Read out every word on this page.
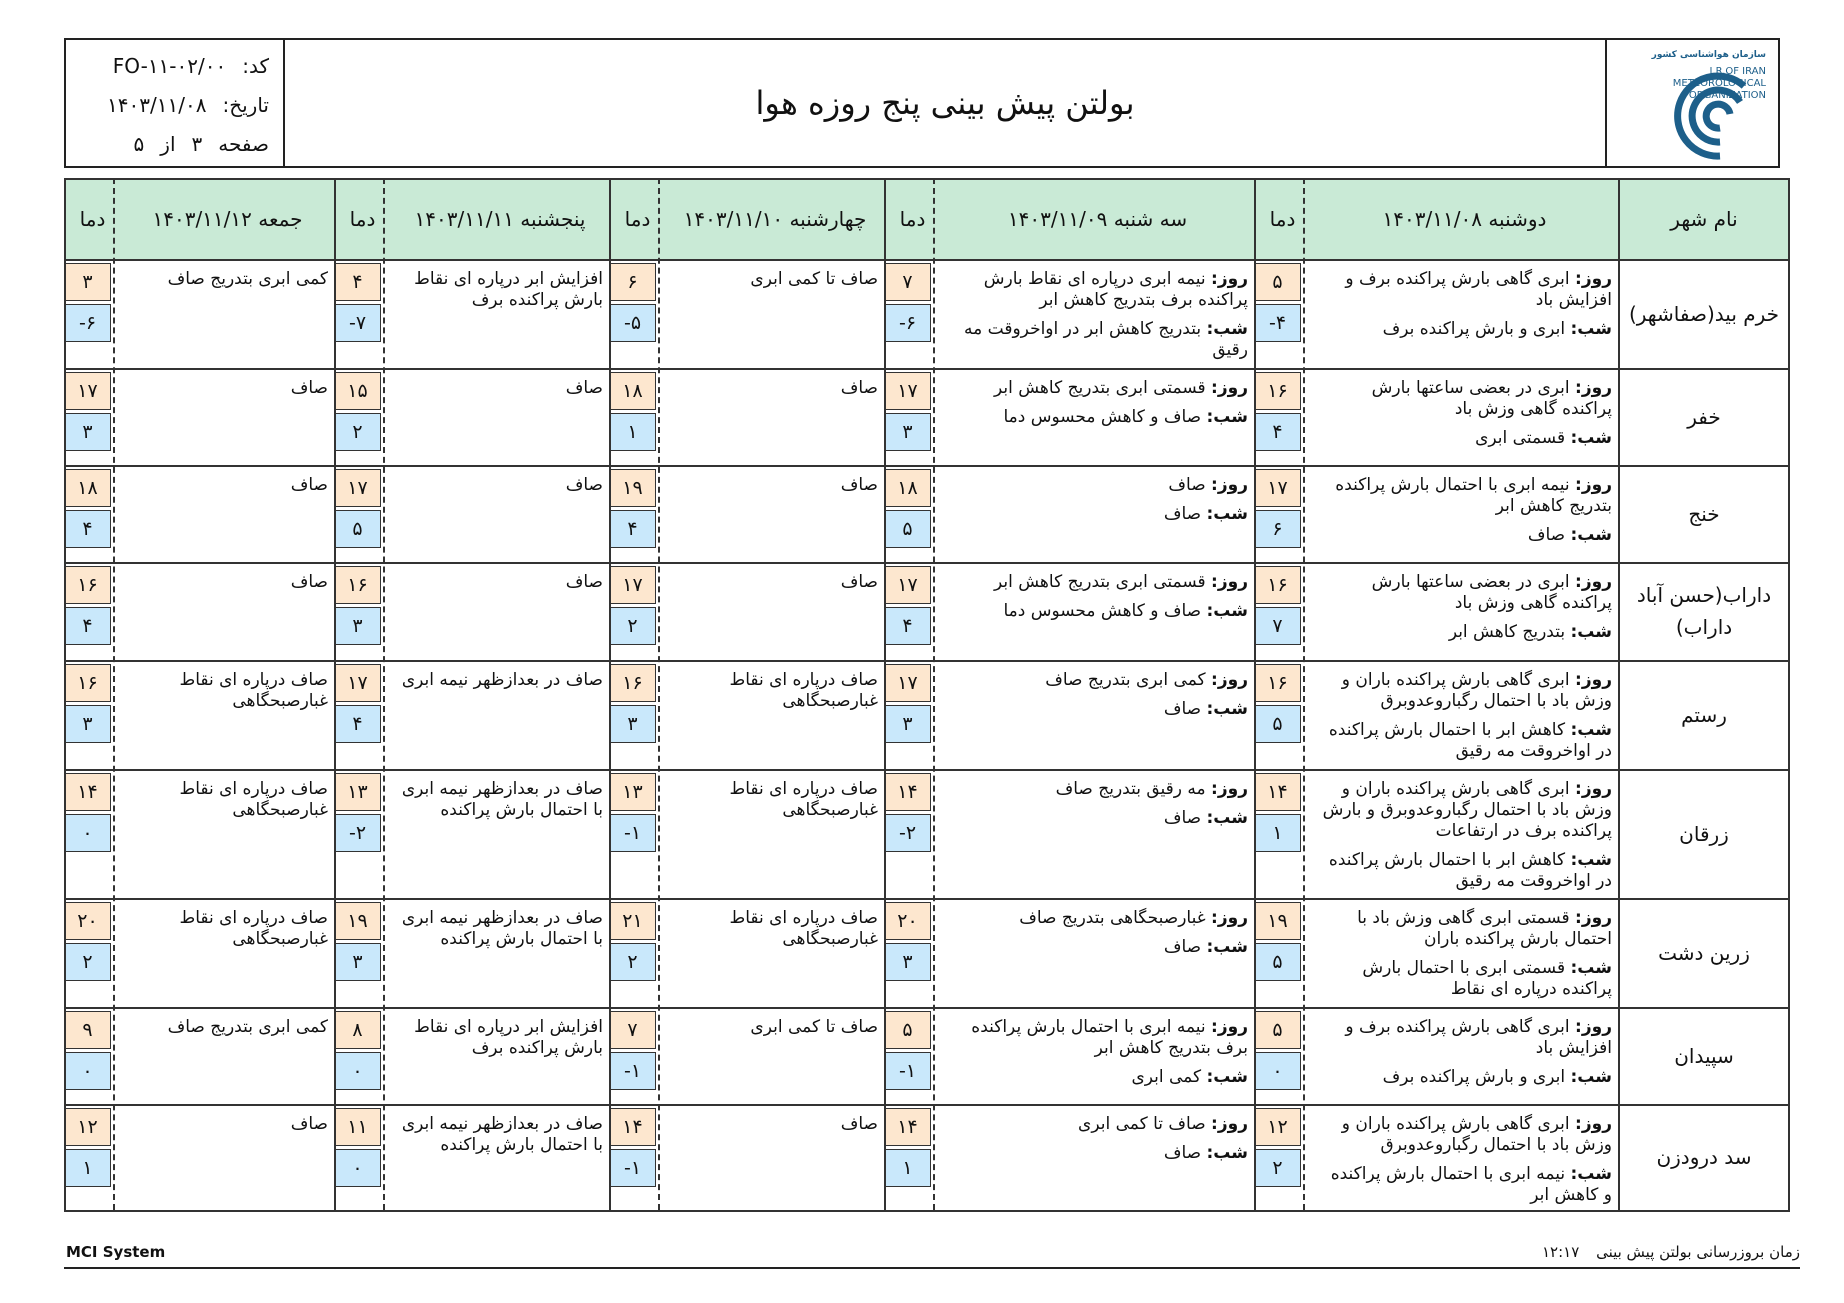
کد:
FO-۱۱-۰۲/۰۰
تاریخ:
۱۴۰۳/۱۱/۰۸
صفحه
۳
از
۵
بولتن پیش بینی پنج روزه هوا
سازمان هواشناسی کشور
I.R.OF IRAN
METEOROLOGICAL
ORGANIZATION
نام شهر
دوشنبه ۱۴۰۳/۱۱/۰۸
دما
سه شنبه ۱۴۰۳/۱۱/۰۹
دما
چهارشنبه ۱۴۰۳/۱۱/۱۰
دما
پنجشنبه ۱۴۰۳/۱۱/۱۱
دما
جمعه ۱۴۰۳/۱۱/۱۲
دما
خرم بید(صفاشهر)
روز: ابری گاهی بارش پراکنده برف و افزایش باد
شب: ابری و بارش پراکنده برف
۵
-۴
روز: نیمه ابری درپاره ای نقاط بارش پراکنده برف بتدریج کاهش ابر
شب: بتدریج کاهش ابر در اواخروقت مه رقیق
۷
-۶
صاف تا کمی ابری
۶
-۵
افزایش ابر درپاره ای نقاط بارش پراکنده برف
۴
-۷
کمی ابری بتدریج صاف
۳
-۶
خفر
روز: ابری در بعضی ساعتها بارش پراکنده گاهی وزش باد
شب: قسمتی ابری
۱۶
۴
روز: قسمتی ابری بتدریج کاهش ابر
شب: صاف و کاهش محسوس دما
۱۷
۳
صاف
۱۸
۱
صاف
۱۵
۲
صاف
۱۷
۳
خنج
روز: نیمه ابری با احتمال بارش پراکنده بتدریج کاهش ابر
شب: صاف
۱۷
۶
روز: صاف
شب: صاف
۱۸
۵
صاف
۱۹
۴
صاف
۱۷
۵
صاف
۱۸
۴
داراب(حسن آباد داراب)
روز: ابری در بعضی ساعتها بارش پراکنده گاهی وزش باد
شب: بتدریج کاهش ابر
۱۶
۷
روز: قسمتی ابری بتدریج کاهش ابر
شب: صاف و کاهش محسوس دما
۱۷
۴
صاف
۱۷
۲
صاف
۱۶
۳
صاف
۱۶
۴
رستم
روز: ابری گاهی بارش پراکنده باران و وزش باد با احتمال رگباروعدوبرق
شب: کاهش ابر با احتمال بارش پراکنده در اواخروقت مه رقیق
۱۶
۵
روز: کمی ابری بتدریج صاف
شب: صاف
۱۷
۳
صاف درپاره ای نقاط غبارصبحگاهی
۱۶
۳
صاف در بعدازظهر نیمه ابری
۱۷
۴
صاف درپاره ای نقاط غبارصبحگاهی
۱۶
۳
زرقان
روز: ابری گاهی بارش پراکنده باران و وزش باد با احتمال رگباروعدوبرق و بارش پراکنده برف در ارتفاعات
شب: کاهش ابر با احتمال بارش پراکنده در اواخروقت مه رقیق
۱۴
۱
روز: مه رقیق بتدریج صاف
شب: صاف
۱۴
-۲
صاف درپاره ای نقاط غبارصبحگاهی
۱۳
-۱
صاف در بعدازظهر نیمه ابری با احتمال بارش پراکنده
۱۳
-۲
صاف درپاره ای نقاط غبارصبحگاهی
۱۴
۰
زرین دشت
روز: قسمتی ابری گاهی وزش باد با احتمال بارش پراکنده باران
شب: قسمتی ابری با احتمال بارش پراکنده درپاره ای نقاط
۱۹
۵
روز: غبارصبحگاهی بتدریج صاف
شب: صاف
۲۰
۳
صاف درپاره ای نقاط غبارصبحگاهی
۲۱
۲
صاف در بعدازظهر نیمه ابری با احتمال بارش پراکنده
۱۹
۳
صاف درپاره ای نقاط غبارصبحگاهی
۲۰
۲
سپیدان
روز: ابری گاهی بارش پراکنده برف و افزایش باد
شب: ابری و بارش پراکنده برف
۵
۰
روز: نیمه ابری با احتمال بارش پراکنده برف بتدریج کاهش ابر
شب: کمی ابری
۵
-۱
صاف تا کمی ابری
۷
-۱
افزایش ابر درپاره ای نقاط بارش پراکنده برف
۸
۰
کمی ابری بتدریج صاف
۹
۰
سد درودزن
روز: ابری گاهی بارش پراکنده باران و وزش باد با احتمال رگباروعدوبرق
شب: نیمه ابری با احتمال بارش پراکنده و کاهش ابر
۱۲
۲
روز: صاف تا کمی ابری
شب: صاف
۱۴
۱
صاف
۱۴
-۱
صاف در بعدازظهر نیمه ابری با احتمال بارش پراکنده
۱۱
۰
صاف
۱۲
۱
MCI System	زمان بروزرسانی بولتن پیش بینی ۱۲:۱۷
